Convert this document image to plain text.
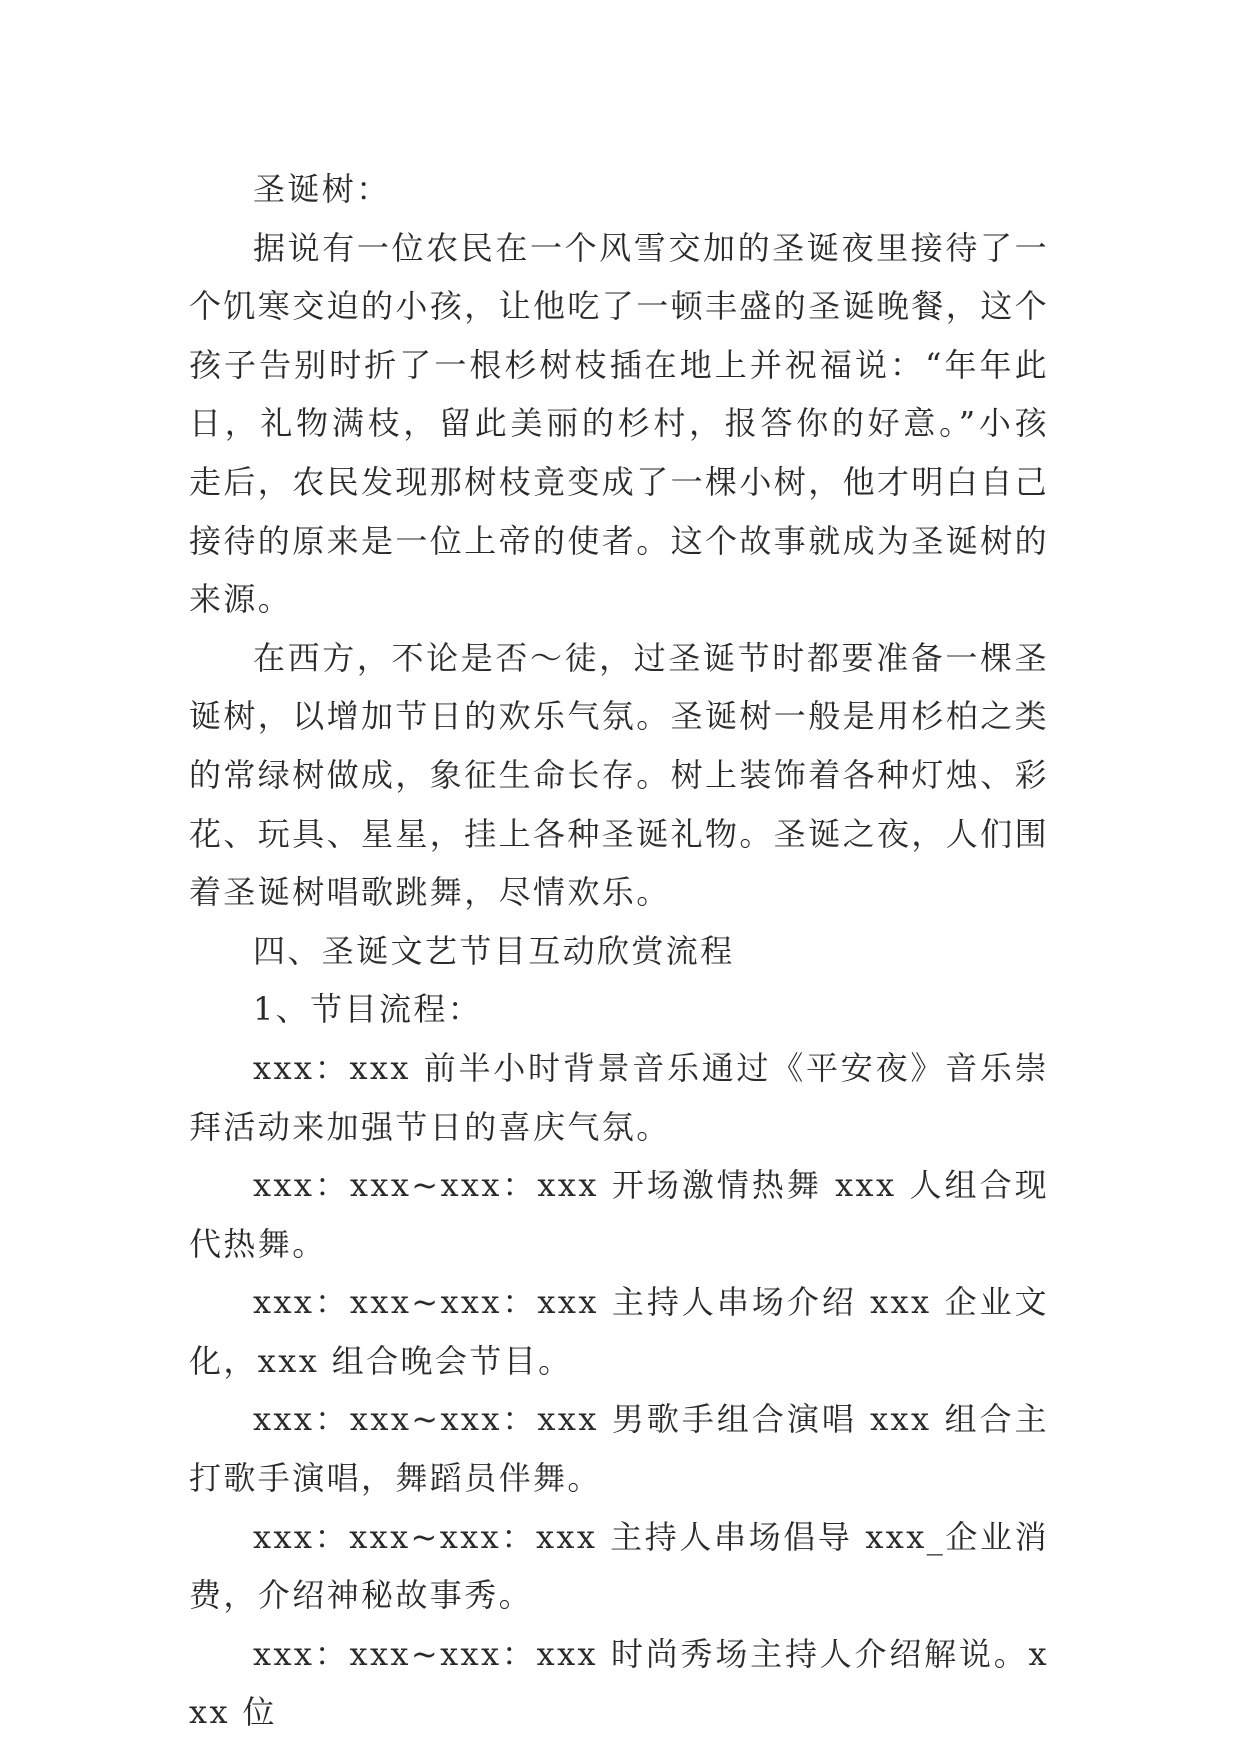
圣诞树：

据说有一位农民在一个风雪交加的圣诞夜里接待了一个饥寒交迫的小孩，让他吃了一顿丰盛的圣诞晚餐，这个孩子告别时折了一根杉树枝插在地上并祝福说：“年年此日，礼物满枝，留此美丽的杉村，报答你的好意。”小孩走后，农民发现那树枝竟变成了一棵小树，他才明白自己接待的原来是一位上帝的使者。这个故事就成为圣诞树的来源。

在西方，不论是否～徒，过圣诞节时都要准备一棵圣诞树，以增加节日的欢乐气氛。圣诞树一般是用杉柏之类的常绿树做成，象征生命长存。树上装饰着各种灯烛、彩花、玩具、星星，挂上各种圣诞礼物。圣诞之夜，人们围着圣诞树唱歌跳舞，尽情欢乐。

四、圣诞文艺节目互动欣赏流程

1、节目流程：

xxx：xxx 前半小时背景音乐通过《平安夜》音乐崇拜活动来加强节日的喜庆气氛。

xxx：xxx~xxx：xxx 开场激情热舞 xxx 人组合现代热舞。

xxx：xxx~xxx：xxx 主持人串场介绍 xxx 企业文化，xxx 组合晚会节目。

xxx：xxx~xxx：xxx 男歌手组合演唱 xxx 组合主打歌手演唱，舞蹈员伴舞。

xxx：xxx~xxx：xxx 主持人串场倡导 xxx_企业消费，介绍神秘故事秀。

xxx：xxx~xxx：xxx 时尚秀场主持人介绍解说。xxx 位
